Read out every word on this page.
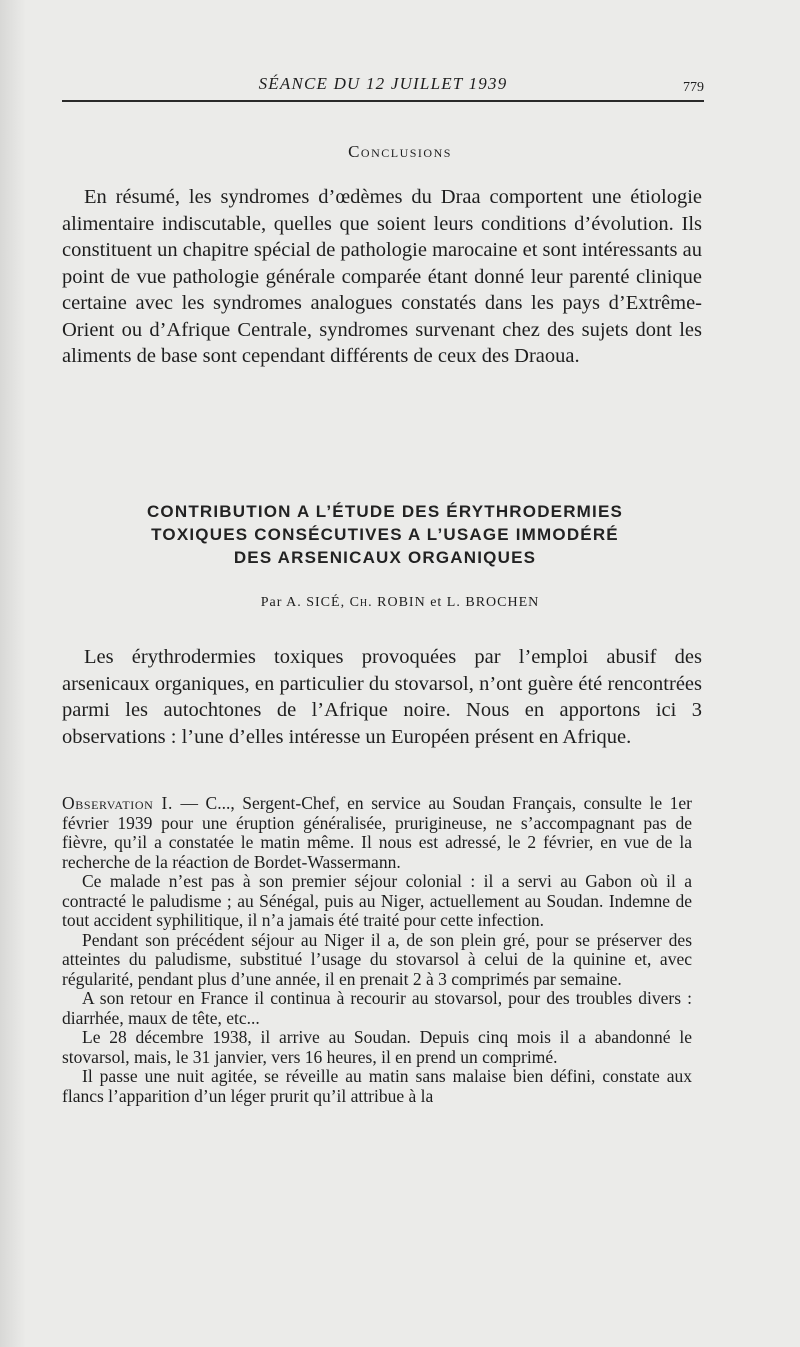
SÉANCE DU 12 JUILLET 1939	779
Conclusions

En résumé, les syndromes d’œdèmes du Draa comportent une étiologie alimentaire indiscutable, quelles que soient leurs conditions d’évolution. Ils constituent un chapitre spécial de pathologie marocaine et sont intéressants au point de vue pathologie générale comparée étant donné leur parenté clinique certaine avec les syndromes analogues constatés dans les pays d’Extrême-Orient ou d’Afrique Centrale, syndromes survenant chez des sujets dont les aliments de base sont cependant différents de ceux des Draoua.

CONTRIBUTION A L’ÉTUDE DES ÉRYTHRODERMIES
TOXIQUES CONSÉCUTIVES A L’USAGE IMMODÉRÉ
DES ARSENICAUX ORGANIQUES
Par A. SICÉ, Ch. ROBIN et L. BROCHEN

Les érythrodermies toxiques provoquées par l’emploi abusif des arsenicaux organiques, en particulier du stovarsol, n’ont guère été rencontrées parmi les autochtones de l’Afrique noire. Nous en apportons ici 3 observations : l’une d’elles intéresse un Européen présent en Afrique.

Observation I. — C..., Sergent-Chef, en service au Soudan Français, consulte le 1er février 1939 pour une éruption généralisée, prurigineuse, ne s’accompagnant pas de fièvre, qu’il a constatée le matin même. Il nous est adressé, le 2 février, en vue de la recherche de la réaction de Bordet-Wassermann.

Ce malade n’est pas à son premier séjour colonial : il a servi au Gabon où il a contracté le paludisme ; au Sénégal, puis au Niger, actuellement au Soudan. Indemne de tout accident syphilitique, il n’a jamais été traité pour cette infection.

Pendant son précédent séjour au Niger il a, de son plein gré, pour se préserver des atteintes du paludisme, substitué l’usage du stovarsol à celui de la quinine et, avec régularité, pendant plus d’une année, il en prenait 2 à 3 comprimés par semaine.

A son retour en France il continua à recourir au stovarsol, pour des troubles divers : diarrhée, maux de tête, etc...

Le 28 décembre 1938, il arrive au Soudan. Depuis cinq mois il a abandonné le stovarsol, mais, le 31 janvier, vers 16 heures, il en prend un comprimé.

Il passe une nuit agitée, se réveille au matin sans malaise bien défini, constate aux flancs l’apparition d’un léger prurit qu’il attribue à la
